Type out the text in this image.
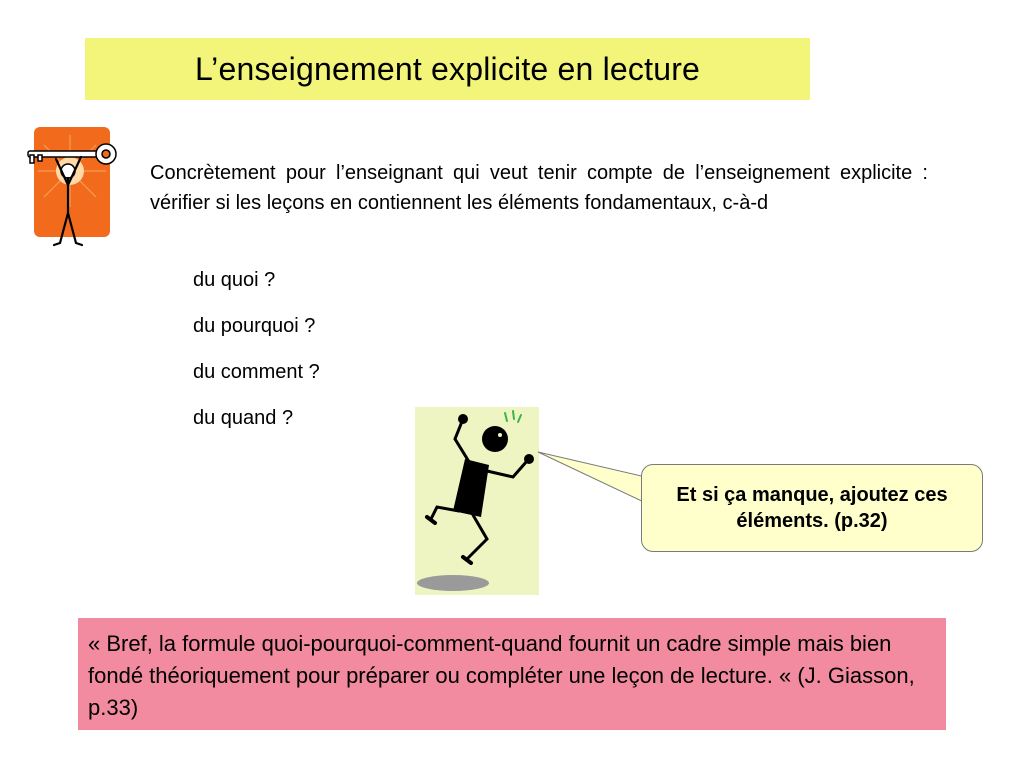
L’enseignement explicite en lecture

Concrètement pour l’enseignant qui veut tenir compte de l’enseignement explicite : vérifier si les leçons en contiennent les éléments fondamentaux, c-à-d

du quoi ?
du pourquoi ?
du comment ?
du quand ?
Et si ça manque, ajoutez ces éléments. (p.32)

« Bref, la formule quoi-pourquoi-comment-quand fournit un cadre simple mais bien fondé théoriquement pour préparer ou compléter une leçon de lecture. « (J. Giasson, p.33)
